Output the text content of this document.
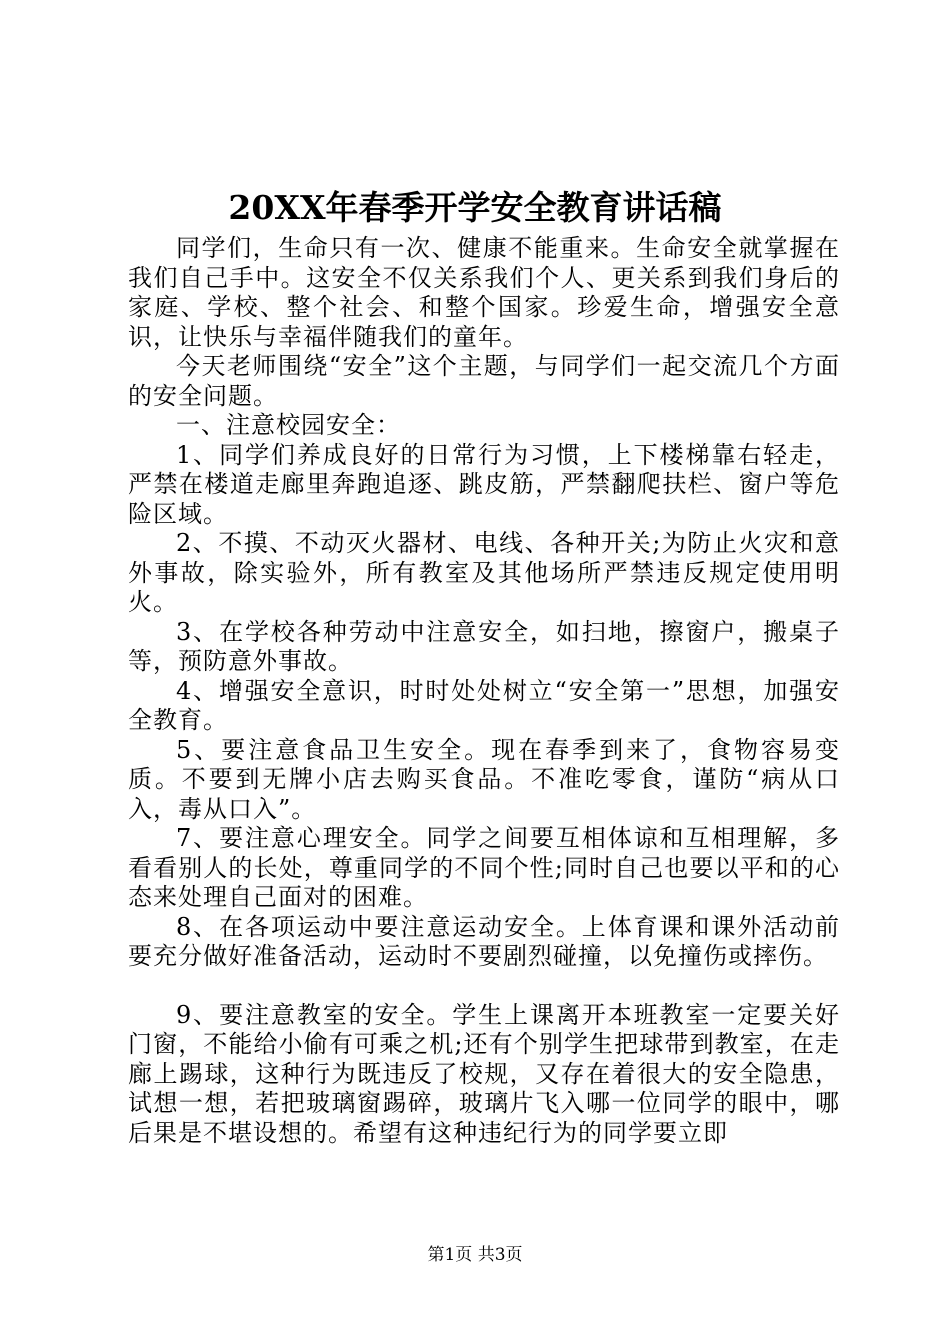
20XX年春季开学安全教育讲话稿

同学们，生命只有一次、健康不能重来。生命安全就掌握在我们自己手中。这安全不仅关系我们个人、更关系到我们身后的家庭、学校、整个社会、和整个国家。珍爱生命，增强安全意识，让快乐与幸福伴随我们的童年。

今天老师围绕“安全”这个主题，与同学们一起交流几个方面的安全问题。

一、注意校园安全：

1、同学们养成良好的日常行为习惯，上下楼梯靠右轻走，严禁在楼道走廊里奔跑追逐、跳皮筋，严禁翻爬扶栏、窗户等危险区域。

2、不摸、不动灭火器材、电线、各种开关;为防止火灾和意外事故，除实验外，所有教室及其他场所严禁违反规定使用明火。

3、在学校各种劳动中注意安全，如扫地，擦窗户，搬桌子等，预防意外事故。

4、增强安全意识，时时处处树立“安全第一”思想，加强安全教育。

5、要注意食品卫生安全。现在春季到来了，食物容易变质。不要到无牌小店去购买食品。不准吃零食，谨防“病从口入，毒从口入”。

7、要注意心理安全。同学之间要互相体谅和互相理解，多看看别人的长处，尊重同学的不同个性;同时自己也要以平和的心态来处理自己面对的困难。

8、在各项运动中要注意运动安全。上体育课和课外活动前要充分做好准备活动，运动时不要剧烈碰撞，以免撞伤或摔伤。

9、要注意教室的安全。学生上课离开本班教室一定要关好门窗，不能给小偷有可乘之机;还有个别学生把球带到教室，在走廊上踢球，这种行为既违反了校规，又存在着很大的安全隐患，试想一想，若把玻璃窗踢碎，玻璃片飞入哪一位同学的眼中，哪后果是不堪设想的。希望有这种违纪行为的同学要立即

第1页 共3页
